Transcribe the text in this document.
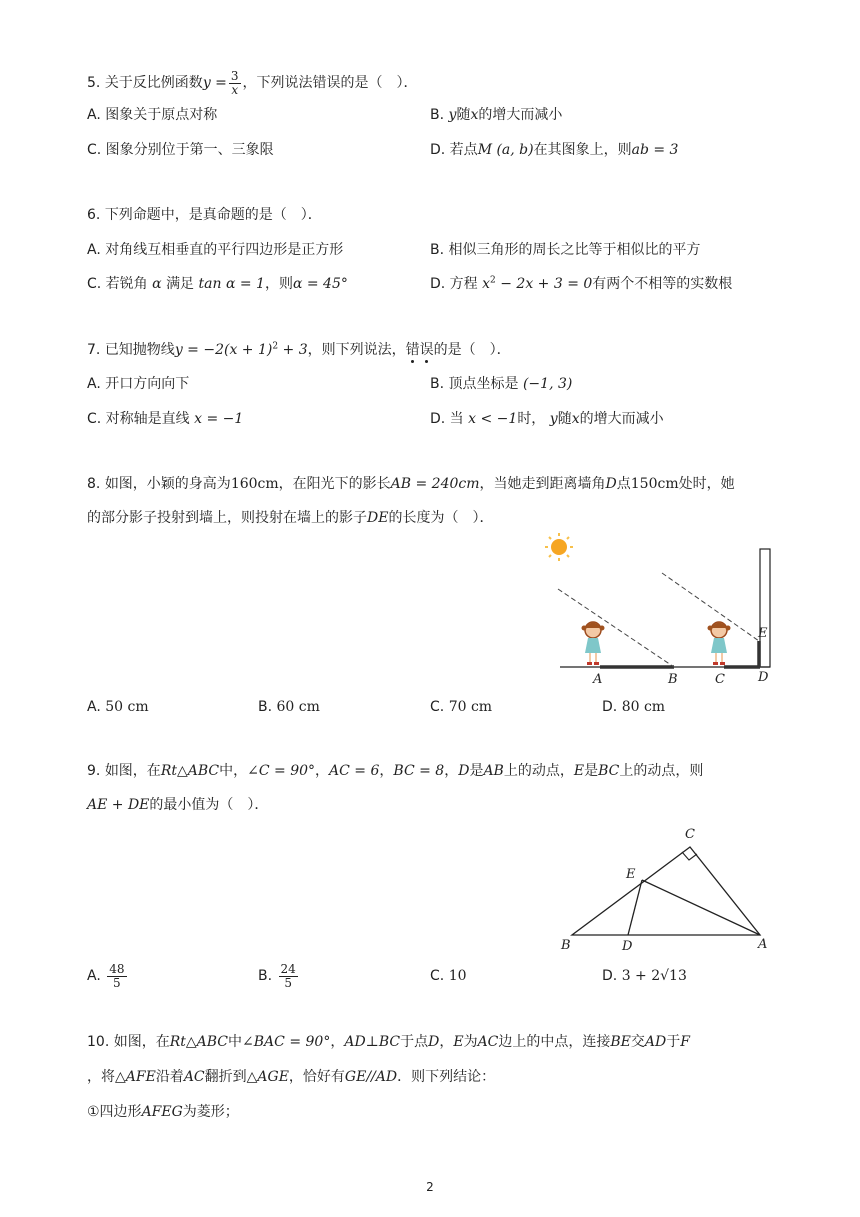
5. 关于反比例函数$y = \frac{3}{x}$ ，下列说法错误的是（　）．
A. 图象关于原点对称	B. y随x的增大而减小
C. 图象分别位于第一、三象限	D. 若点M (a, b)在其图象上，则ab = 3
6. 下列命题中，是真命题的是（　）．
A. 对角线互相垂直的平行四边形是正方形	B. 相似三角形的周长之比等于相似比的平方
C. 若锐角 α 满足 tan α = 1，则α = 45°	D. 方程 $x^2 - 2x + 3 = 0$有两个不相等的实数根
7. 已知抛物线$y = -2(x + 1)^2 + 3$，则下列说法，错误的是（　）．
A. 开口方向向下	B. 顶点坐标是 (−1, 3)
C. 对称轴是直线 x = −1	D. 当 x < −1时， y随x的增大而减小
8. 如图，小颖的身高为160cm，在阳光下的影长AB = 240cm，当她走到距离墙角D点150cm处时，她
的部分影子投射到墙上，则投射在墙上的影子DE的长度为（　）．
A	B	C	D
E
A. 50 cm	B. 60 cm	C. 70 cm	D. 80 cm
9. 如图，在Rt△ABC中，∠C = 90°，AC = 6，BC = 8，D是AB上的动点，E是BC上的动点，则
AE + DE的最小值为（　）．
B	D	A
E
C
A. $\frac{48}{5}$	B. $\frac{24}{5}$	C. 10	D. 3 + 2√13
10. 如图，在Rt△ABC中∠BAC = 90°，AD⊥BC于点D，E为AC边上的中点，连接BE交AD于F
，将△AFE沿着AC翻折到△AGE，恰好有GE//AD．则下列结论：
①四边形AFEG为菱形；
2
